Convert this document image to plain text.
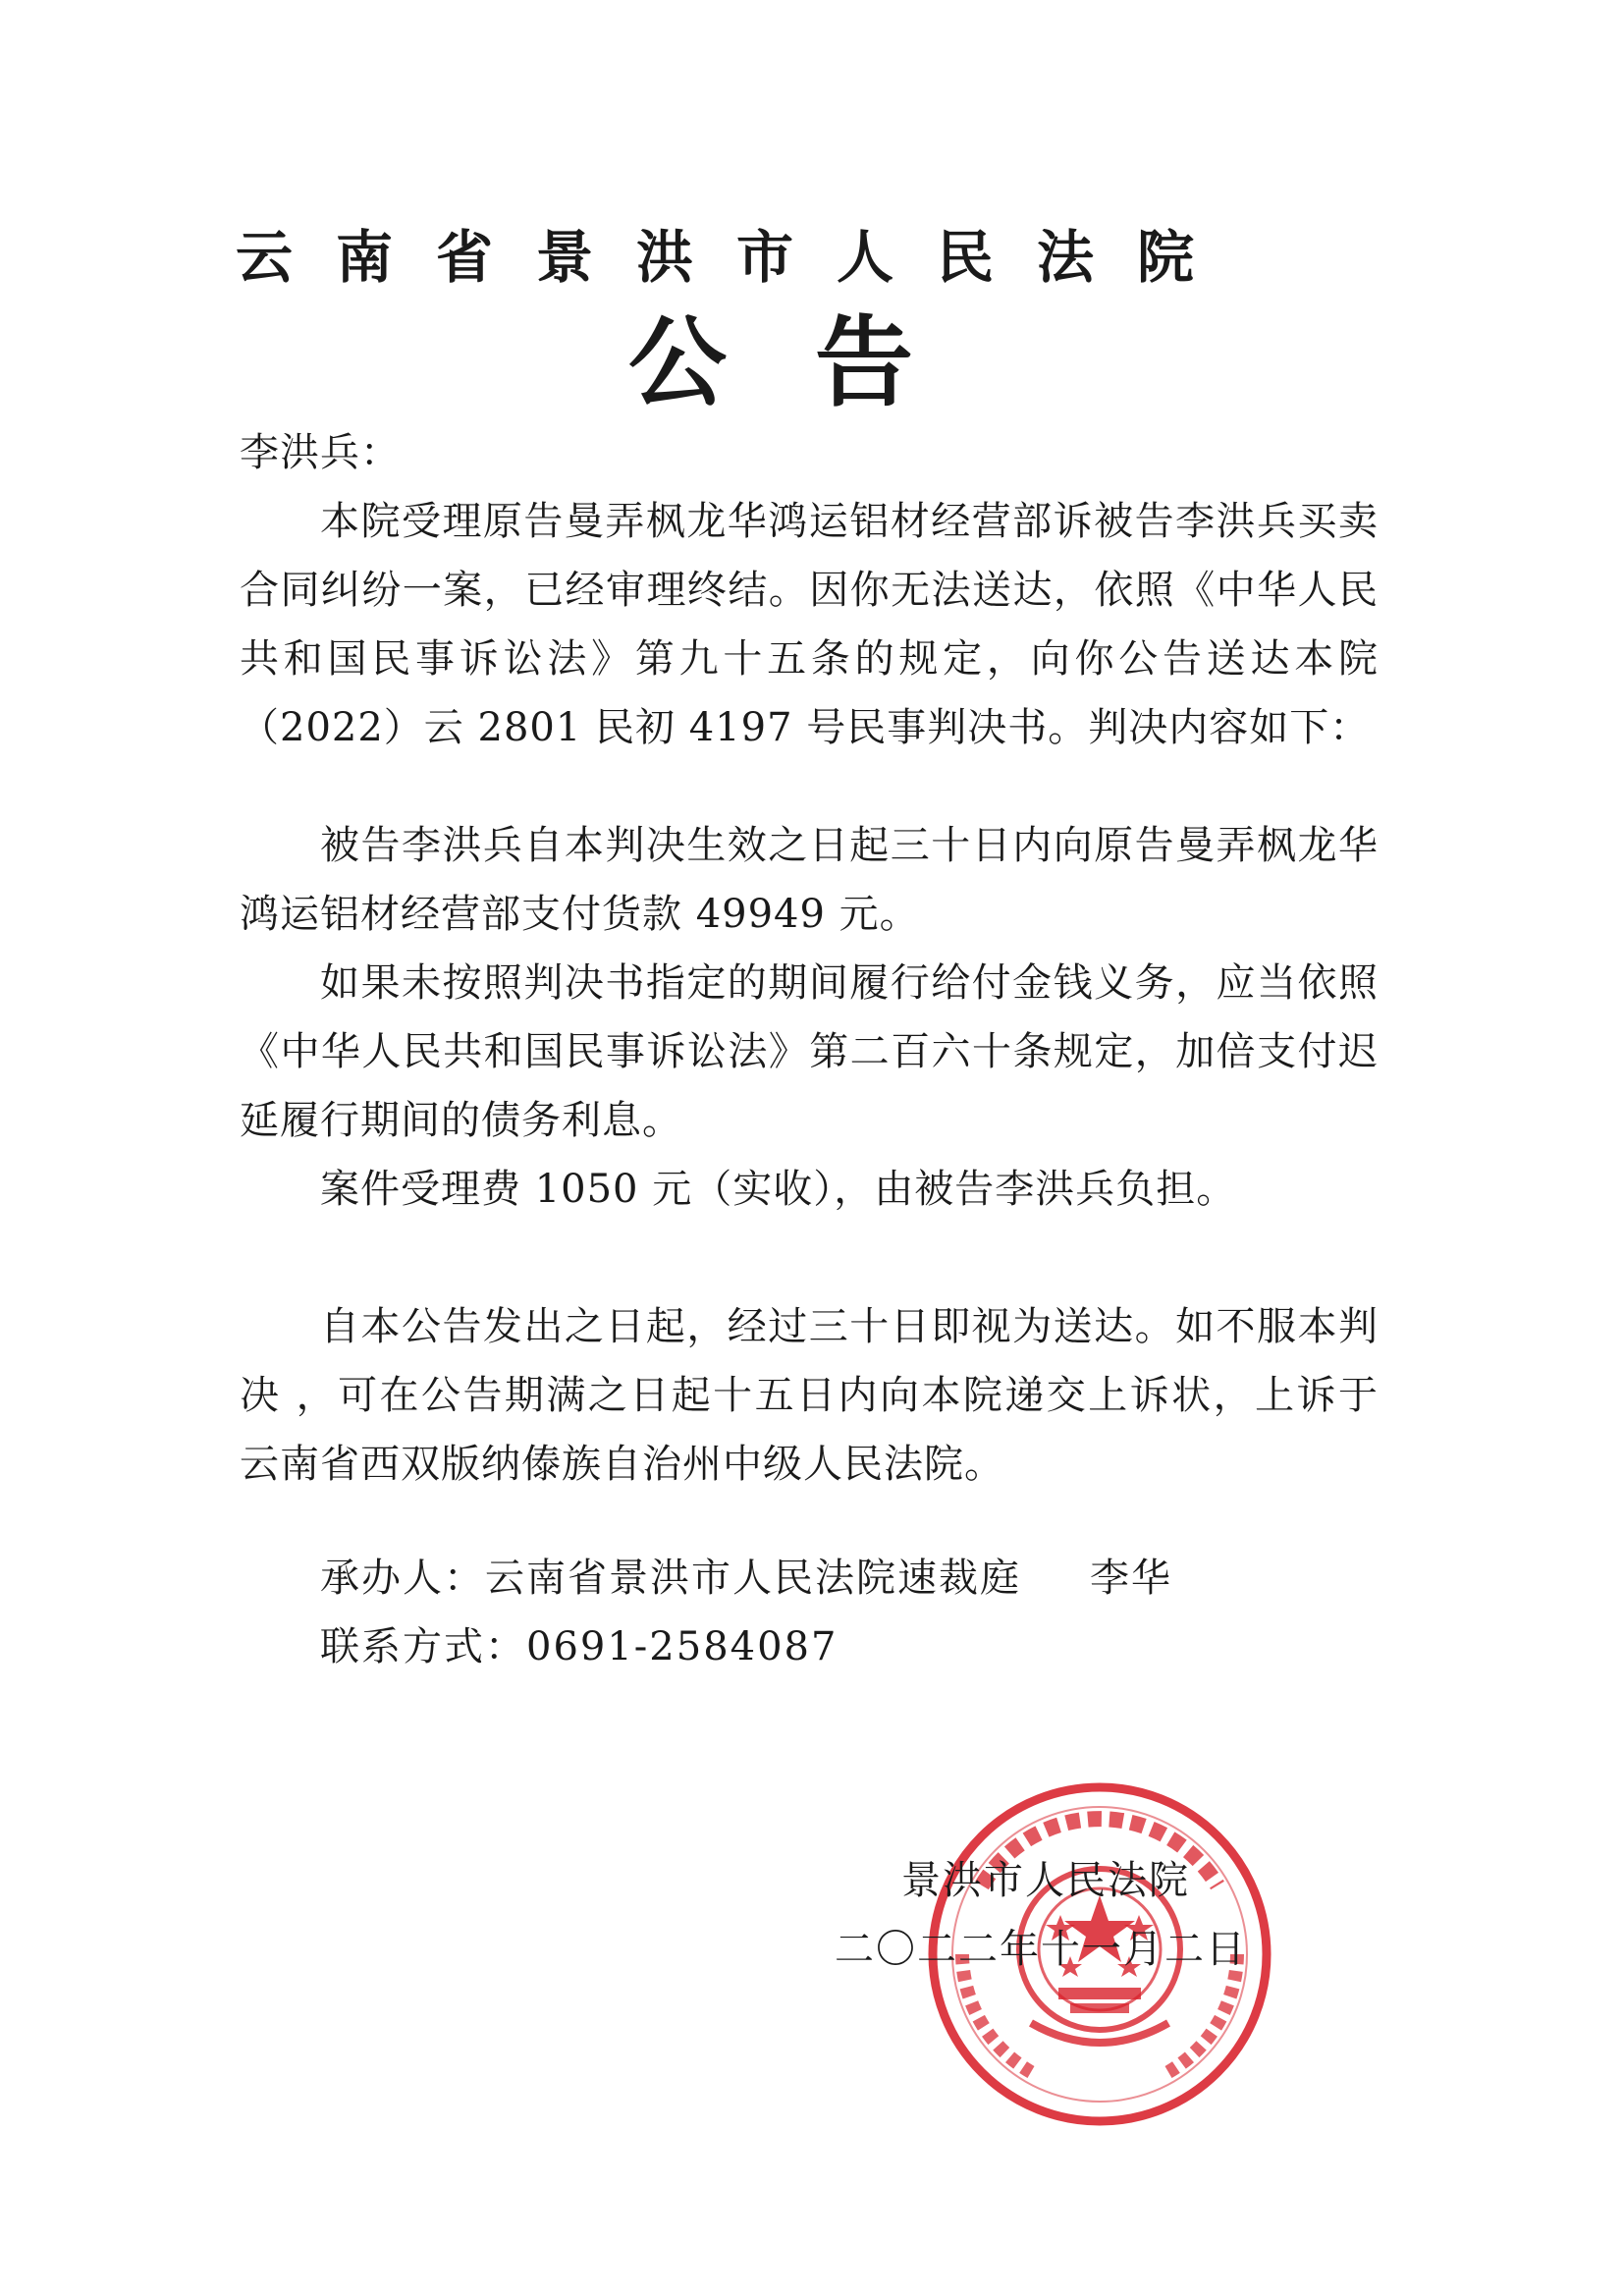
云南省景洪市人民法院
公告
李洪兵：

本院受理原告曼弄枫龙华鸿运铝材经营部诉被告李洪兵买卖合同纠纷一案，已经审理终结。因你无法送达，依照《中华人民共和国民事诉讼法》第九十五条的规定，向你公告送达本院（2022）云 2801 民初 4197 号民事判决书。判决内容如下：

被告李洪兵自本判决生效之日起三十日内向原告曼弄枫龙华鸿运铝材经营部支付货款 49949 元。

如果未按照判决书指定的期间履行给付金钱义务，应当依照《中华人民共和国民事诉讼法》第二百六十条规定，加倍支付迟延履行期间的债务利息。

案件受理费 1050 元（实收），由被告李洪兵负担。

自本公告发出之日起，经过三十日即视为送达。如不服本判决 ，可在公告期满之日起十五日内向本院递交上诉状，上诉于云南省西双版纳傣族自治州中级人民法院。

承办人：云南省景洪市人民法院速裁庭 李华
联系方式：0691-2584087
景洪市人民法院
二〇二二年十一月二日
